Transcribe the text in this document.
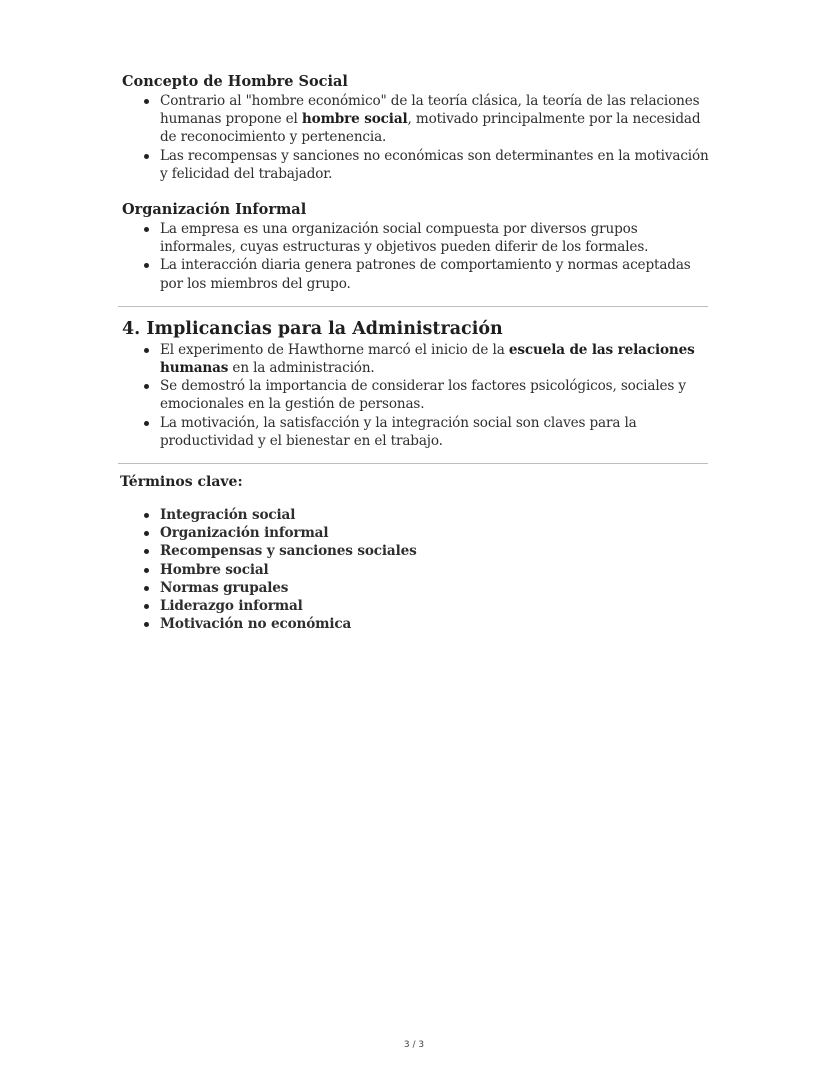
Concepto de Hombre Social
Contrario al "hombre económico" de la teoría clásica, la teoría de las relaciones humanas propone el hombre social, motivado principalmente por la necesidad de reconocimiento y pertenencia.
Las recompensas y sanciones no económicas son determinantes en la motivación y felicidad del trabajador.
Organización Informal
La empresa es una organización social compuesta por diversos grupos informales, cuyas estructuras y objetivos pueden diferir de los formales.
La interacción diaria genera patrones de comportamiento y normas aceptadas por los miembros del grupo.
4. Implicancias para la Administración
El experimento de Hawthorne marcó el inicio de la escuela de las relaciones humanas en la administración.
Se demostró la importancia de considerar los factores psicológicos, sociales y emocionales en la gestión de personas.
La motivación, la satisfacción y la integración social son claves para la productividad y el bienestar en el trabajo.
Términos clave:
Integración social
Organización informal
Recompensas y sanciones sociales
Hombre social
Normas grupales
Liderazgo informal
Motivación no económica
3 / 3
